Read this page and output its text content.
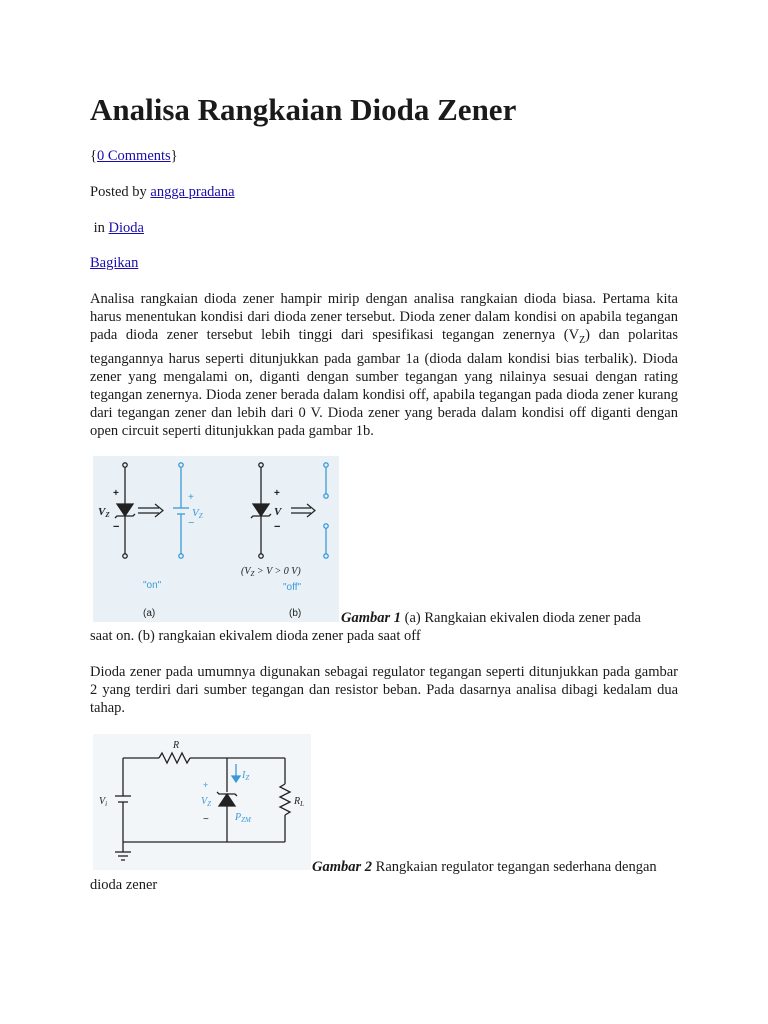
Analisa Rangkaian Dioda Zener
{0 Comments}
Posted by angga pradana
in Dioda
Bagikan

Analisa rangkaian dioda zener hampir mirip dengan analisa rangkaian dioda biasa. Pertama kita harus menentukan kondisi dari dioda zener tersebut. Dioda zener dalam kondisi on apabila tegangan pada dioda zener tersebut lebih tinggi dari spesifikasi tegangan zenernya $(V_Z)$ dan polaritas tegangannya harus seperti ditunjukkan pada gambar 1a (dioda dalam kondisi bias terbalik). Dioda zener yang mengalami on, diganti dengan sumber tegangan yang nilainya sesuai dengan rating tegangan zenernya. Dioda zener berada dalam kondisi off, apabila tegangan pada dioda zener kurang dari tegangan zener dan lebih dari 0 V. Dioda zener yang berada dalam kondisi off diganti dengan open circuit seperti ditunjukkan pada gambar 1b.

+
−
VZ
+
−
VZ
"on"
(a)
+
−
V
($V_Z > V > 0$ V)
"off"
(b)	Gambar 1 (a) Rangkaian ekivalen dioda zener pada
saat on. (b) rangkaian ekivalem dioda zener pada saat off

Dioda zener pada umumnya digunakan sebagai regulator tegangan seperti ditunjukkan pada gambar 2 yang terdiri dari sumber tegangan dan resistor beban. Pada dasarnya analisa dibagi kedalam dua tahap.

R
$V_i$
$I_Z$
+
$V_Z$
−	$P_{ZM}$
$R_L$
Gambar 2 Rangkaian regulator tegangan sederhana dengan
dioda zener
